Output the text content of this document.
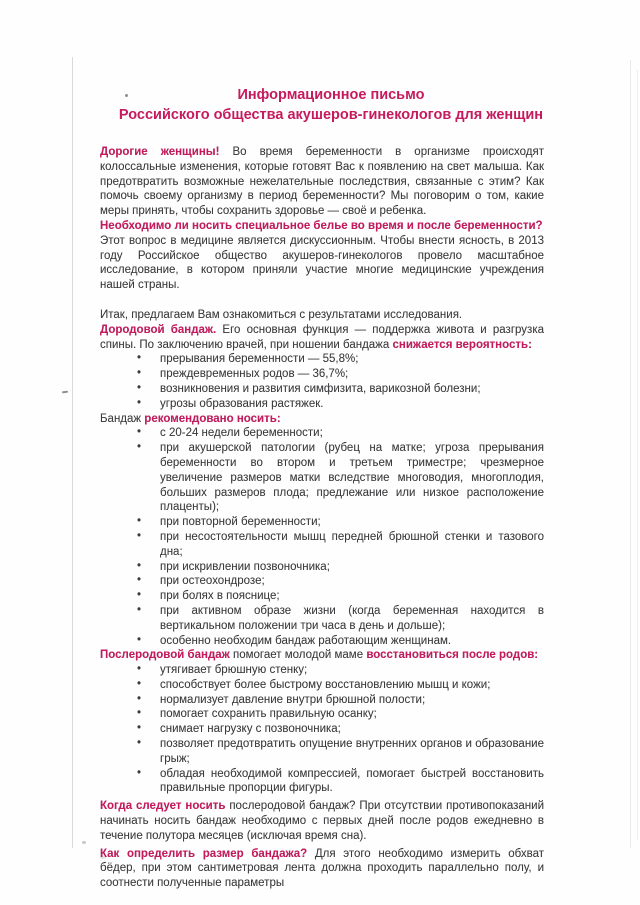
Информационное письмо
Российского общества акушеров-гинекологов для женщин

Дорогие женщины! Во время беременности в организме происходят колоссальные изменения, которые готовят Вас к появлению на свет малыша. Как предотвратить возможные нежелательные последствия, связанные с этим? Как помочь своему организму в период беременности? Мы поговорим о том, какие меры принять, чтобы сохранить здоровье — своё и ребенка.

Необходимо ли носить специальное белье во время и после беременности?

Этот вопрос в медицине является дискуссионным. Чтобы внести ясность, в 2013 году Российское общество акушеров-гинекологов провело масштабное исследование, в котором приняли участие многие медицинские учреждения нашей страны.

Итак, предлагаем Вам ознакомиться с результатами исследования.

Дородовой бандаж. Его основная функция — поддержка живота и разгрузка спины. По заключению врачей, при ношении бандажа снижается вероятность:

• прерывания беременности — 55,8%;
• преждевременных родов — 36,7%;
• возникновения и развития симфизита, варикозной болезни;
• угрозы образования растяжек.

Бандаж рекомендовано носить:

• с 20-24 недели беременности;
• при акушерской патологии (рубец на матке; угроза прерывания беременности во втором и третьем триместре; чрезмерное увеличение размеров матки вследствие многоводия, многоплодия, больших размеров плода; предлежание или низкое расположение плаценты);
• при повторной беременности;
• при несостоятельности мышц передней брюшной стенки и тазового дна;
• при искривлении позвоночника;
• при остеохондрозе;
• при болях в пояснице;
• при активном образе жизни (когда беременная находится в вертикальном положении три часа в день и дольше);
• особенно необходим бандаж работающим женщинам.

Послеродовой бандаж помогает молодой маме восстановиться после родов:

• утягивает брюшную стенку;
• способствует более быстрому восстановлению мышц и кожи;
• нормализует давление внутри брюшной полости;
• помогает сохранить правильную осанку;
• снимает нагрузку с позвоночника;
• позволяет предотвратить опущение внутренних органов и образование грыж;
• обладая необходимой компрессией, помогает быстрей восстановить правильные пропорции фигуры.

Когда следует носить послеродовой бандаж? При отсутствии противопоказаний начинать носить бандаж необходимо с первых дней после родов ежедневно в течение полутора месяцев (исключая время сна).

Как определить размер бандажа? Для этого необходимо измерить обхват бёдер, при этом сантиметровая лента должна проходить параллельно полу, и соотнести полученные параметры
